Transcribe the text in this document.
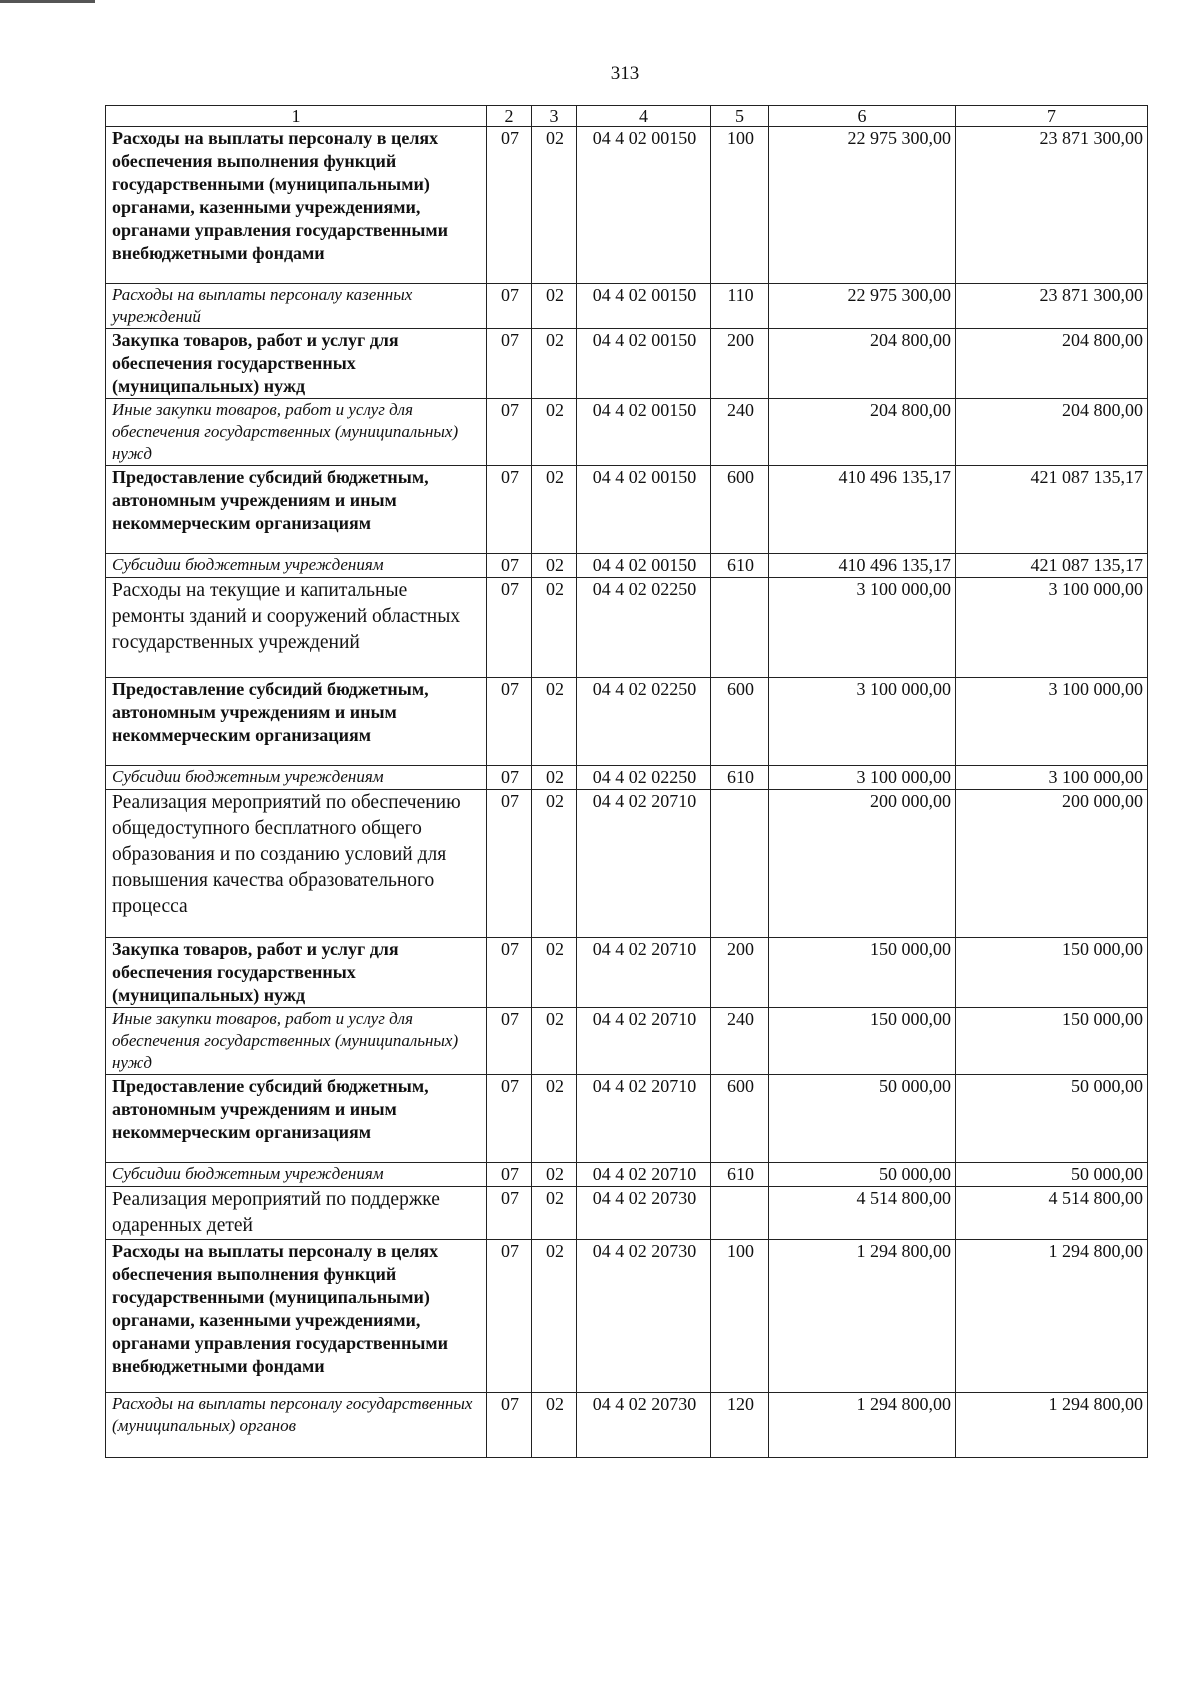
313
1	2	3	4	5	6	7
Расходы на выплаты персоналу в целях обеспечения выполнения функций государственными (муниципальными) органами, казенными учреждениями, органами управления государственными внебюджетными фондами	07	02	04 4 02 00150	100	22 975 300,00	23 871 300,00
Расходы на выплаты персоналу казенных учреждений	07	02	04 4 02 00150	110	22 975 300,00	23 871 300,00
Закупка товаров, работ и услуг для обеспечения государственных (муниципальных) нужд	07	02	04 4 02 00150	200	204 800,00	204 800,00
Иные закупки товаров, работ и услуг для обеспечения государственных (муниципальных) нужд	07	02	04 4 02 00150	240	204 800,00	204 800,00
Предоставление субсидий бюджетным, автономным учреждениям и иным некоммерческим организациям	07	02	04 4 02 00150	600	410 496 135,17	421 087 135,17
Субсидии бюджетным учреждениям	07	02	04 4 02 00150	610	410 496 135,17	421 087 135,17
Расходы на текущие и капитальные ремонты зданий и сооружений областных государственных учреждений	07	02	04 4 02 02250		3 100 000,00	3 100 000,00
Предоставление субсидий бюджетным, автономным учреждениям и иным некоммерческим организациям	07	02	04 4 02 02250	600	3 100 000,00	3 100 000,00
Субсидии бюджетным учреждениям	07	02	04 4 02 02250	610	3 100 000,00	3 100 000,00
Реализация мероприятий по обеспечению общедоступного бесплатного общего образования и по созданию условий для повышения качества образовательного процесса	07	02	04 4 02 20710		200 000,00	200 000,00
Закупка товаров, работ и услуг для обеспечения государственных (муниципальных) нужд	07	02	04 4 02 20710	200	150 000,00	150 000,00
Иные закупки товаров, работ и услуг для обеспечения государственных (муниципальных) нужд	07	02	04 4 02 20710	240	150 000,00	150 000,00
Предоставление субсидий бюджетным, автономным учреждениям и иным некоммерческим организациям	07	02	04 4 02 20710	600	50 000,00	50 000,00
Субсидии бюджетным учреждениям	07	02	04 4 02 20710	610	50 000,00	50 000,00
Реализация мероприятий по поддержке одаренных детей	07	02	04 4 02 20730		4 514 800,00	4 514 800,00
Расходы на выплаты персоналу в целях обеспечения выполнения функций государственными (муниципальными) органами, казенными учреждениями, органами управления государственными внебюджетными фондами	07	02	04 4 02 20730	100	1 294 800,00	1 294 800,00
Расходы на выплаты персоналу государственных (муниципальных) органов	07	02	04 4 02 20730	120	1 294 800,00	1 294 800,00
